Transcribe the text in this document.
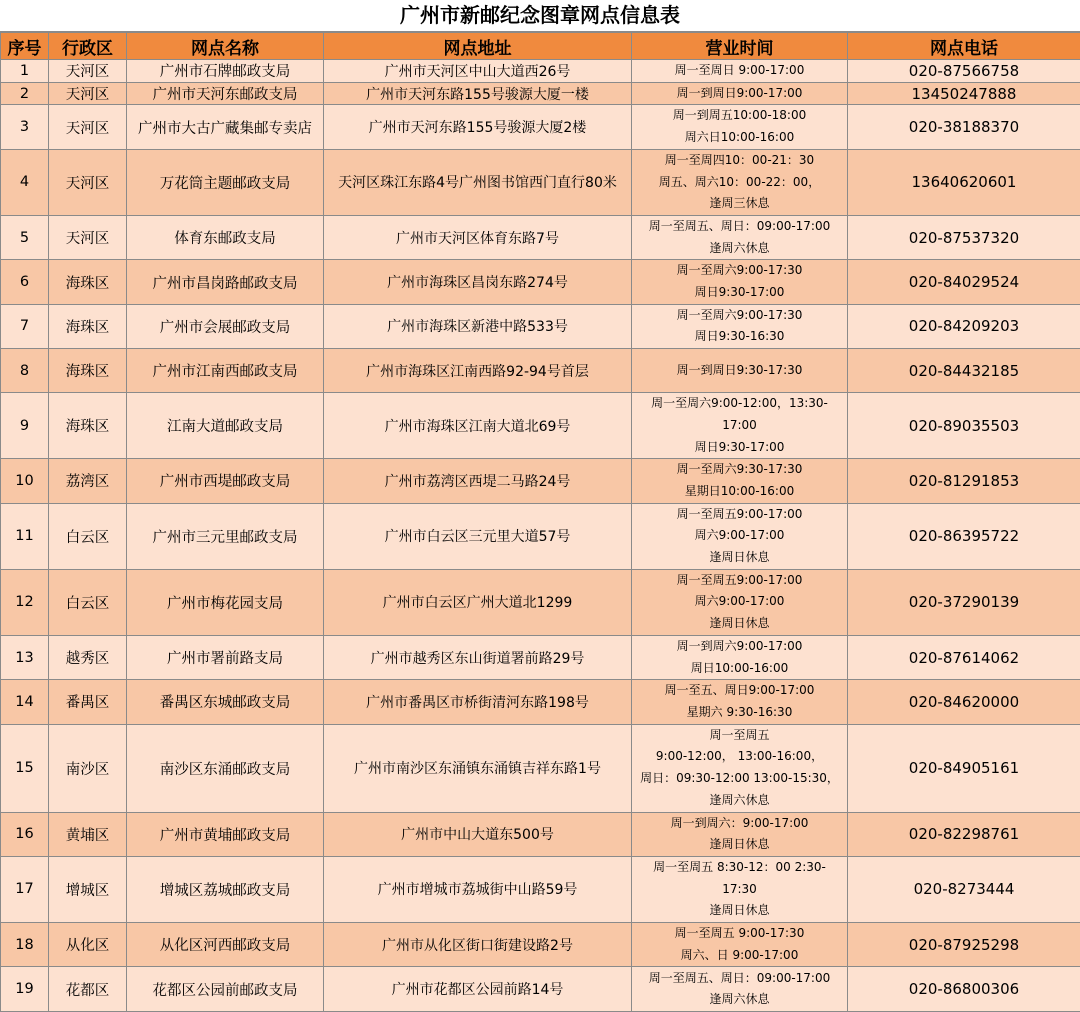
广州市新邮纪念图章网点信息表
序号	行政区	网点名称	网点地址	营业时间	网点电话
1	天河区	广州市石牌邮政支局	广州市天河区中山大道西26号	周一至周日 9:00-17:00	020-87566758
2	天河区	广州市天河东邮政支局	广州市天河东路155号骏源大厦一楼	周一到周日9:00-17:00	13450247888
3	天河区	广州市大古广藏集邮专卖店	广州市天河东路155号骏源大厦2楼	周一到周五10:00-18:00
周六日10:00-16:00	020-38188370
4	天河区	万花筒主题邮政支局	天河区珠江东路4号广州图书馆西门直行80米	周一至周四10：00-21：30
周五、周六10：00-22：00，
逢周三休息	13640620601
5	天河区	体育东邮政支局	广州市天河区体育东路7号	周一至周五、周日：09:00-17:00
逢周六休息	020-87537320
6	海珠区	广州市昌岗路邮政支局	广州市海珠区昌岗东路274号	周一至周六9:00-17:30
周日9:30-17:00	020-84029524
7	海珠区	广州市会展邮政支局	广州市海珠区新港中路533号	周一至周六9:00-17:30
周日9:30-16:30	020-84209203
8	海珠区	广州市江南西邮政支局	广州市海珠区江南西路92-94号首层	周一到周日9:30-17:30	020-84432185
9	海珠区	江南大道邮政支局	广州市海珠区江南大道北69号	周一至周六9:00-12:00，13:30-
17:00
周日9:30-17:00	020-89035503
10	荔湾区	广州市西堤邮政支局	广州市荔湾区西堤二马路24号	周一至周六9:30-17:30
星期日10:00-16:00	020-81291853
11	白云区	广州市三元里邮政支局	广州市白云区三元里大道57号	周一至周五9:00-17:00
周六9:00-17:00
逢周日休息	020-86395722
12	白云区	广州市梅花园支局	广州市白云区广州大道北1299	周一至周五9:00-17:00
周六9:00-17:00
逢周日休息	020-37290139
13	越秀区	广州市署前路支局	广州市越秀区东山街道署前路29号	周一到周六9:00-17:00
周日10:00-16:00	020-87614062
14	番禺区	番禺区东城邮政支局	广州市番禺区市桥街清河东路198号	周一至五、周日9:00-17:00
星期六 9:30-16:30	020-84620000
15	南沙区	南沙区东涌邮政支局	广州市南沙区东涌镇东涌镇吉祥东路1号	周一至周五
9:00-12:00， 13:00-16:00，
周日：09:30-12:00 13:00-15:30，
逢周六休息	020-84905161
16	黄埔区	广州市黄埔邮政支局	广州市中山大道东500号	周一到周六：9:00-17:00
逢周日休息	020-82298761
17	增城区	增城区荔城邮政支局	广州市增城市荔城街中山路59号	周一至周五 8:30-12：00 2:30-
17:30
逢周日休息	020-8273444
18	从化区	从化区河西邮政支局	广州市从化区街口街建设路2号	周一至周五 9:00-17:30
周六、日 9:00-17:00	020-87925298
19	花都区	花都区公园前邮政支局	广州市花都区公园前路14号	周一至周五、周日：09:00-17:00
逢周六休息	020-86800306
